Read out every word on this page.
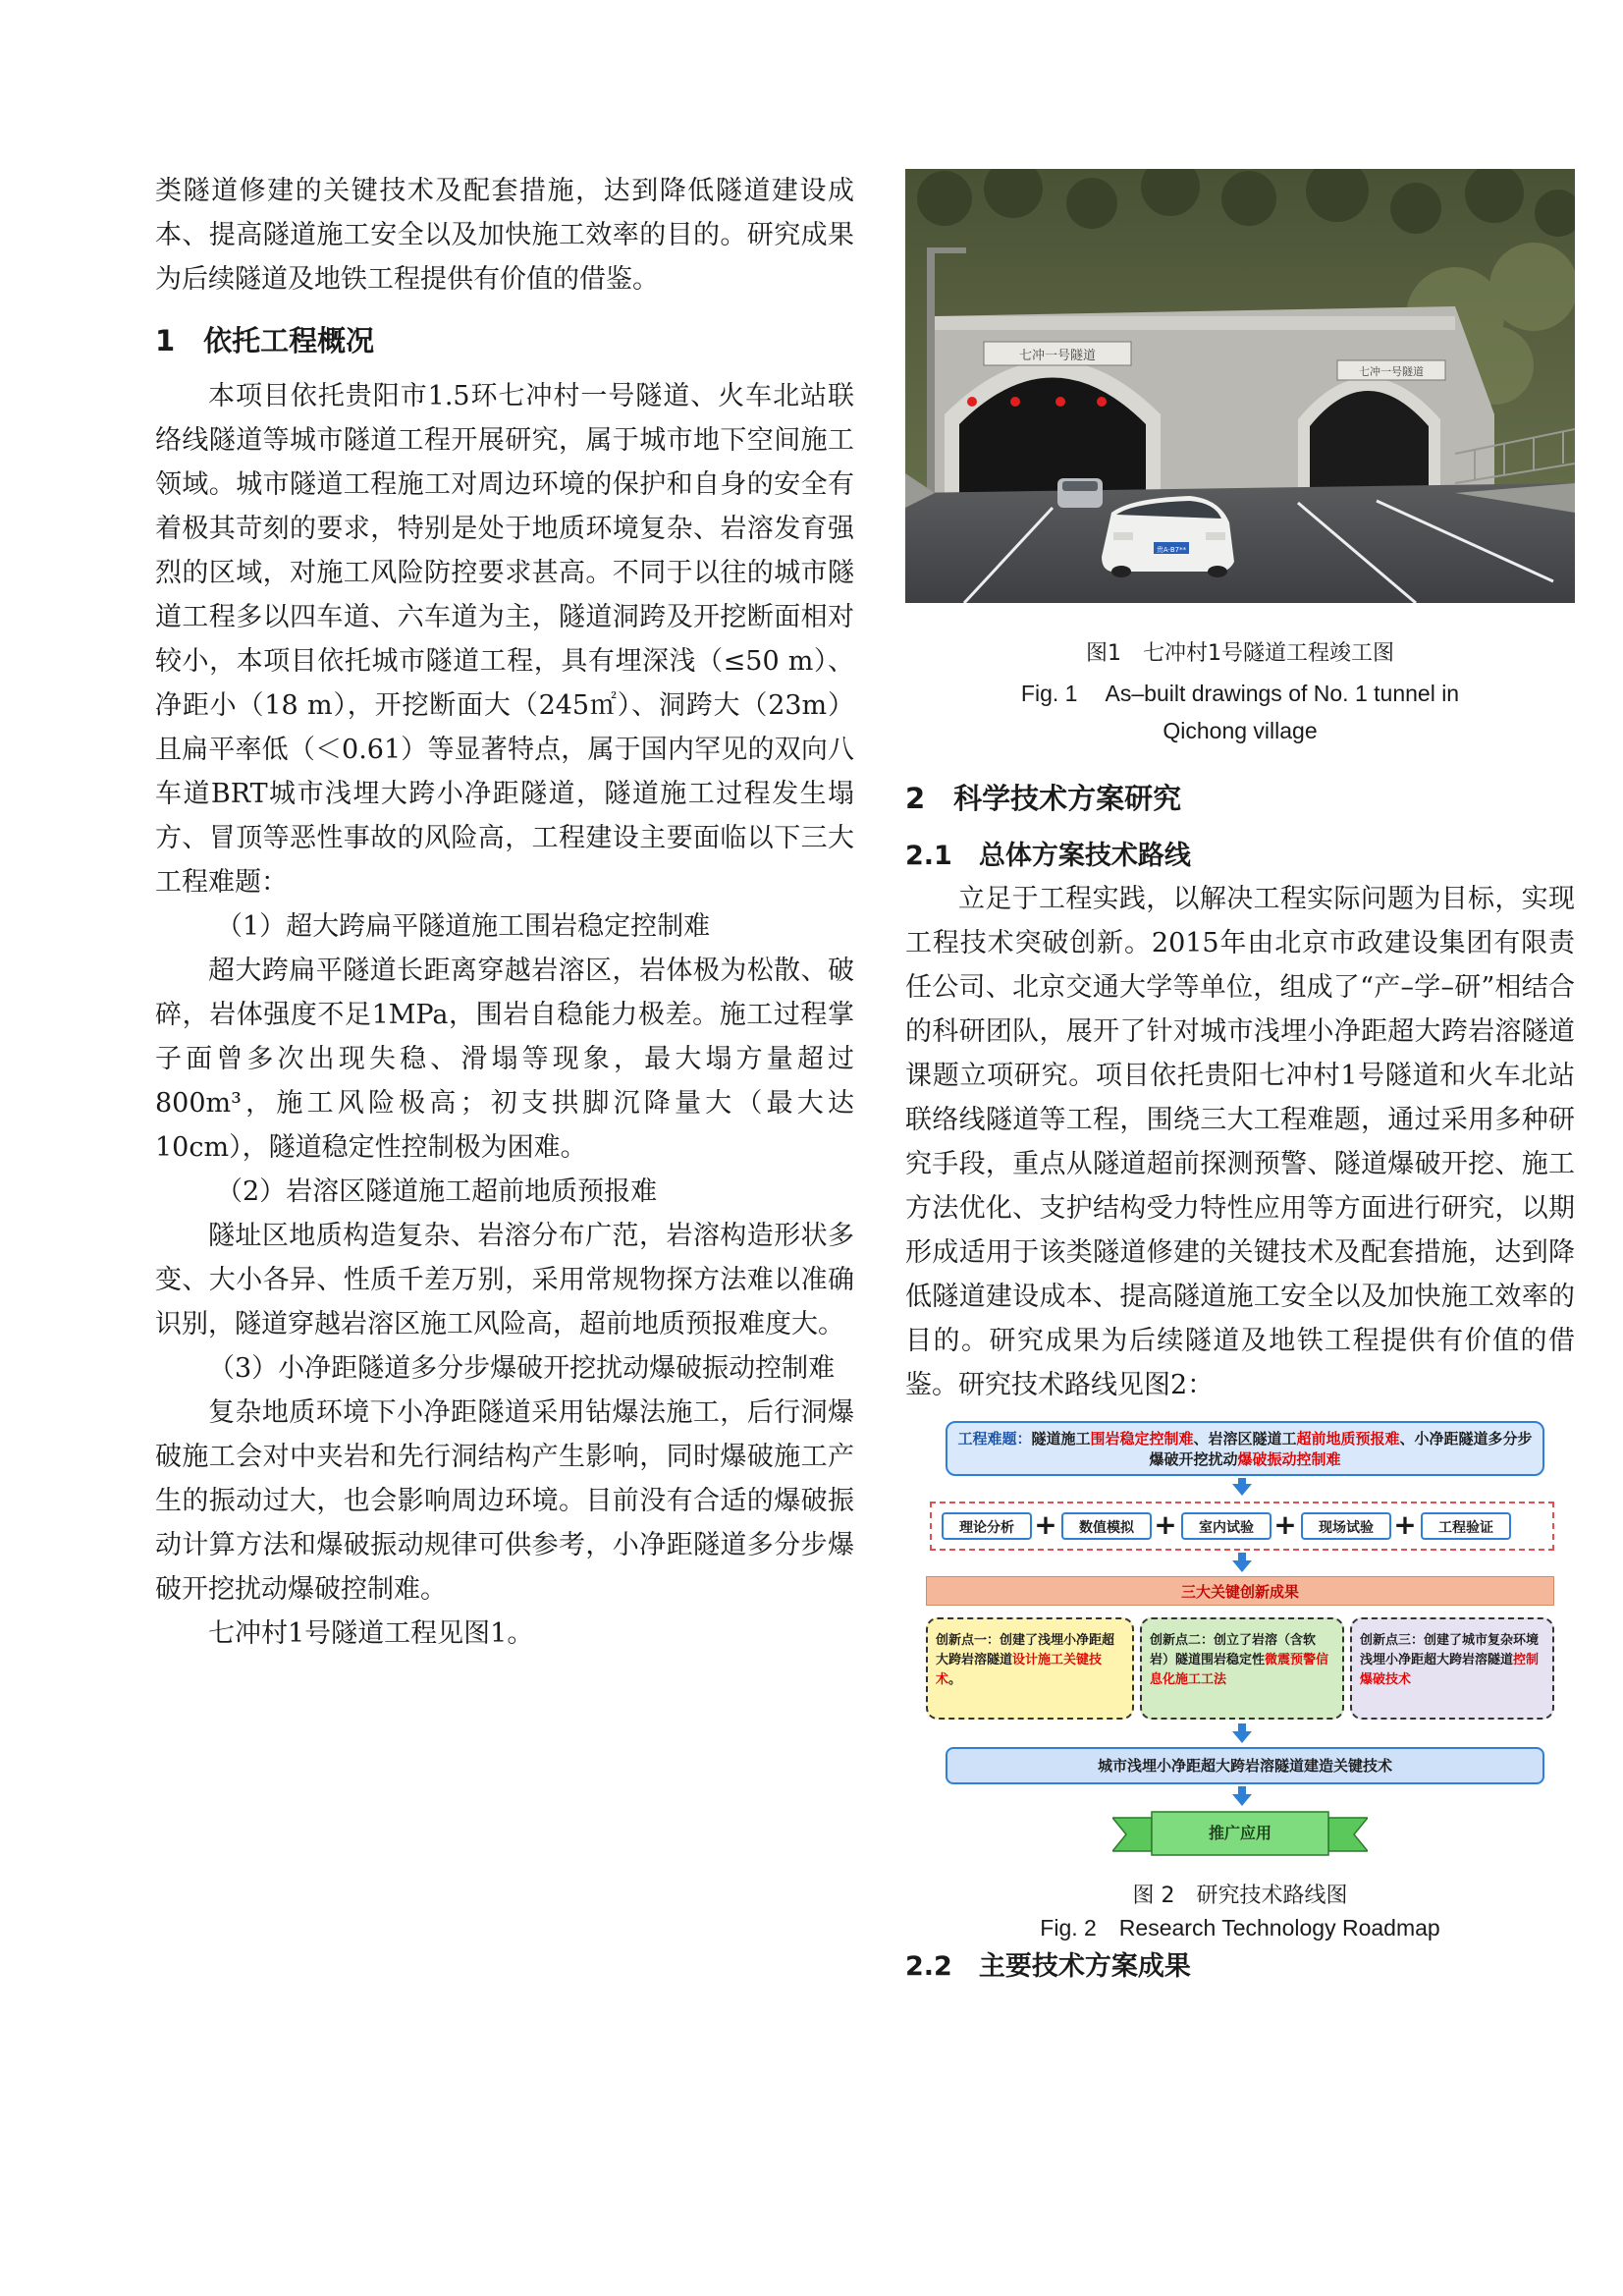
类隧道修建的关键技术及配套措施，达到降低隧道建设成本、提高隧道施工安全以及加快施工效率的目的。研究成果为后续隧道及地铁工程提供有价值的借鉴。

1　依托工程概况

本项目依托贵阳市1.5环七冲村一号隧道、火车北站联络线隧道等城市隧道工程开展研究，属于城市地下空间施工领域。城市隧道工程施工对周边环境的保护和自身的安全有着极其苛刻的要求，特别是处于地质环境复杂、岩溶发育强烈的区域，对施工风险防控要求甚高。不同于以往的城市隧道工程多以四车道、六车道为主，隧道洞跨及开挖断面相对较小，本项目依托城市隧道工程，具有埋深浅（≤50 m）、净距小（18 m），开挖断面大（245㎡）、洞跨大（23m）且扁平率低（＜0.61）等显著特点，属于国内罕见的双向八车道BRT城市浅埋大跨小净距隧道，隧道施工过程发生塌方、冒顶等恶性事故的风险高，工程建设主要面临以下三大工程难题：

（1）超大跨扁平隧道施工围岩稳定控制难

超大跨扁平隧道长距离穿越岩溶区，岩体极为松散、破碎，岩体强度不足1MPa，围岩自稳能力极差。施工过程掌子面曾多次出现失稳、滑塌等现象，最大塌方量超过800m³，施工风险极高；初支拱脚沉降量大（最大达10cm），隧道稳定性控制极为困难。

（2）岩溶区隧道施工超前地质预报难

隧址区地质构造复杂、岩溶分布广范，岩溶构造形状多变、大小各异、性质千差万别，采用常规物探方法难以准确识别，隧道穿越岩溶区施工风险高，超前地质预报难度大。

（3）小净距隧道多分步爆破开挖扰动爆破振动控制难

复杂地质环境下小净距隧道采用钻爆法施工，后行洞爆破施工会对中夹岩和先行洞结构产生影响，同时爆破施工产生的振动过大，也会影响周边环境。目前没有合适的爆破振动计算方法和爆破振动规律可供参考，小净距隧道多分步爆破开挖扰动爆破控制难。

七冲村1号隧道工程见图1。

七冲一号隧道
七冲一号隧道
贵A·B7**

图1　七冲村1号隧道工程竣工图

Fig. 1　 As–built drawings of No. 1 tunnel in

Qichong village

2　科学技术方案研究
2.1　总体方案技术路线

立足于工程实践，以解决工程实际问题为目标，实现工程技术突破创新。2015年由北京市政建设集团有限责任公司、北京交通大学等单位，组成了“产–学–研”相结合的科研团队，展开了针对城市浅埋小净距超大跨岩溶隧道课题立项研究。项目依托贵阳七冲村1号隧道和火车北站联络线隧道等工程，围绕三大工程难题，通过采用多种研究手段，重点从隧道超前探测预警、隧道爆破开挖、施工方法优化、支护结构受力特性应用等方面进行研究，以期形成适用于该类隧道修建的关键技术及配套措施，达到降低隧道建设成本、提高隧道施工安全以及加快施工效率的目的。研究成果为后续隧道及地铁工程提供有价值的借鉴。研究技术路线见图2：

工程难题：隧道施工围岩稳定控制难、岩溶区隧道工超前地质预报难、小净距隧道多分步爆破开挖扰动爆破振动控制难
理论分析 +	数值模拟 +	室内试验 +	现场试验 +	工程验证
三大关键创新成果
创新点一：创建了浅埋小净距超大跨岩溶隧道设计施工关键技术。
创新点二：创立了岩溶（含软岩）隧道围岩稳定性微震预警信息化施工工法
创新点三：创建了城市复杂环境浅埋小净距超大跨岩溶隧道控制爆破技术
城市浅埋小净距超大跨岩溶隧道建造关键技术
推广应用

图 2　研究技术路线图

Fig. 2　Research Technology Roadmap

2.2　主要技术方案成果
